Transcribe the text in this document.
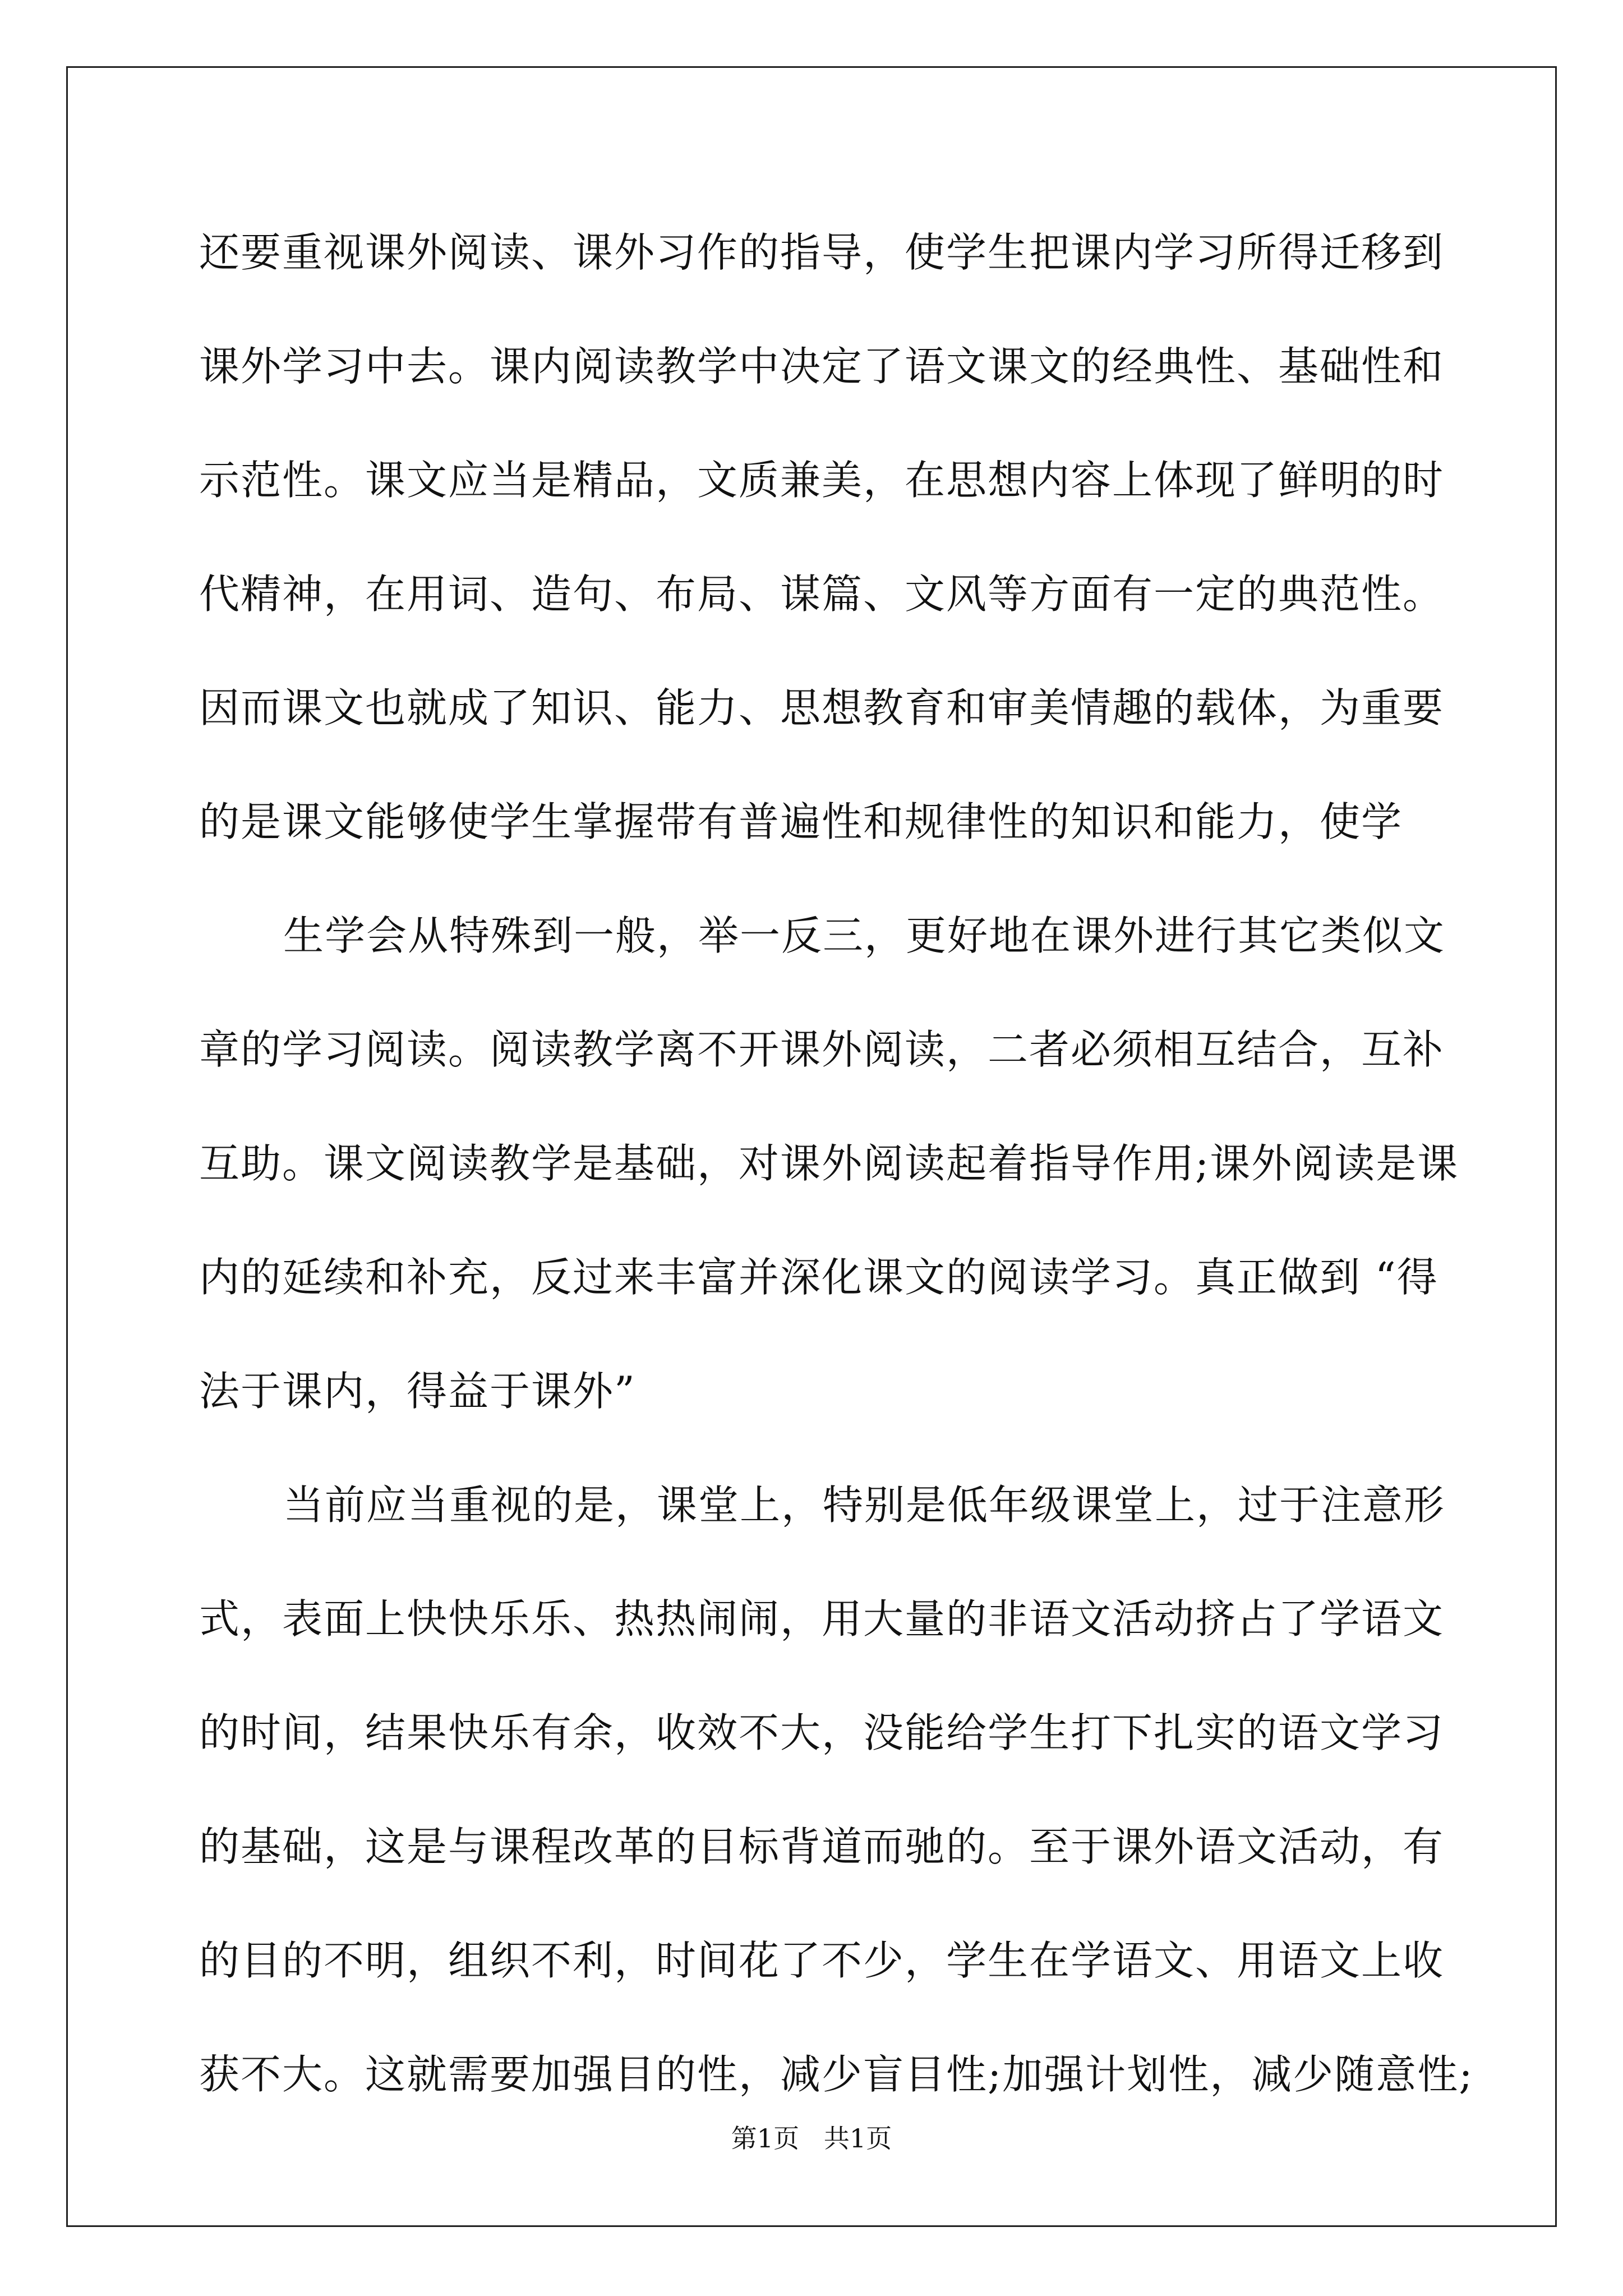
还要重视课外阅读、课外习作的指导，使学生把课内学习所得迁移到
课外学习中去。课内阅读教学中决定了语文课文的经典性、基础性和
示范性。课文应当是精品，文质兼美，在思想内容上体现了鲜明的时
代精神，在用词、造句、布局、谋篇、文风等方面有一定的典范性。
因而课文也就成了知识、能力、思想教育和审美情趣的载体，为重要
的是课文能够使学生掌握带有普遍性和规律性的知识和能力，使学
生学会从特殊到一般，举一反三，更好地在课外进行其它类似文
章的学习阅读。阅读教学离不开课外阅读，二者必须相互结合，互补
互助。课文阅读教学是基础，对课外阅读起着指导作用;课外阅读是课
内的延续和补充，反过来丰富并深化课文的阅读学习。真正做到 “得
法于课内，得益于课外”
当前应当重视的是，课堂上，特别是低年级课堂上，过于注意形
式，表面上快快乐乐、热热闹闹，用大量的非语文活动挤占了学语文
的时间，结果快乐有余，收效不大，没能给学生打下扎实的语文学习
的基础，这是与课程改革的目标背道而驰的。至于课外语文活动，有
的目的不明，组织不利，时间花了不少，学生在学语文、用语文上收
获不大。这就需要加强目的性，减少盲目性;加强计划性，减少随意性;
第1页   共1页
